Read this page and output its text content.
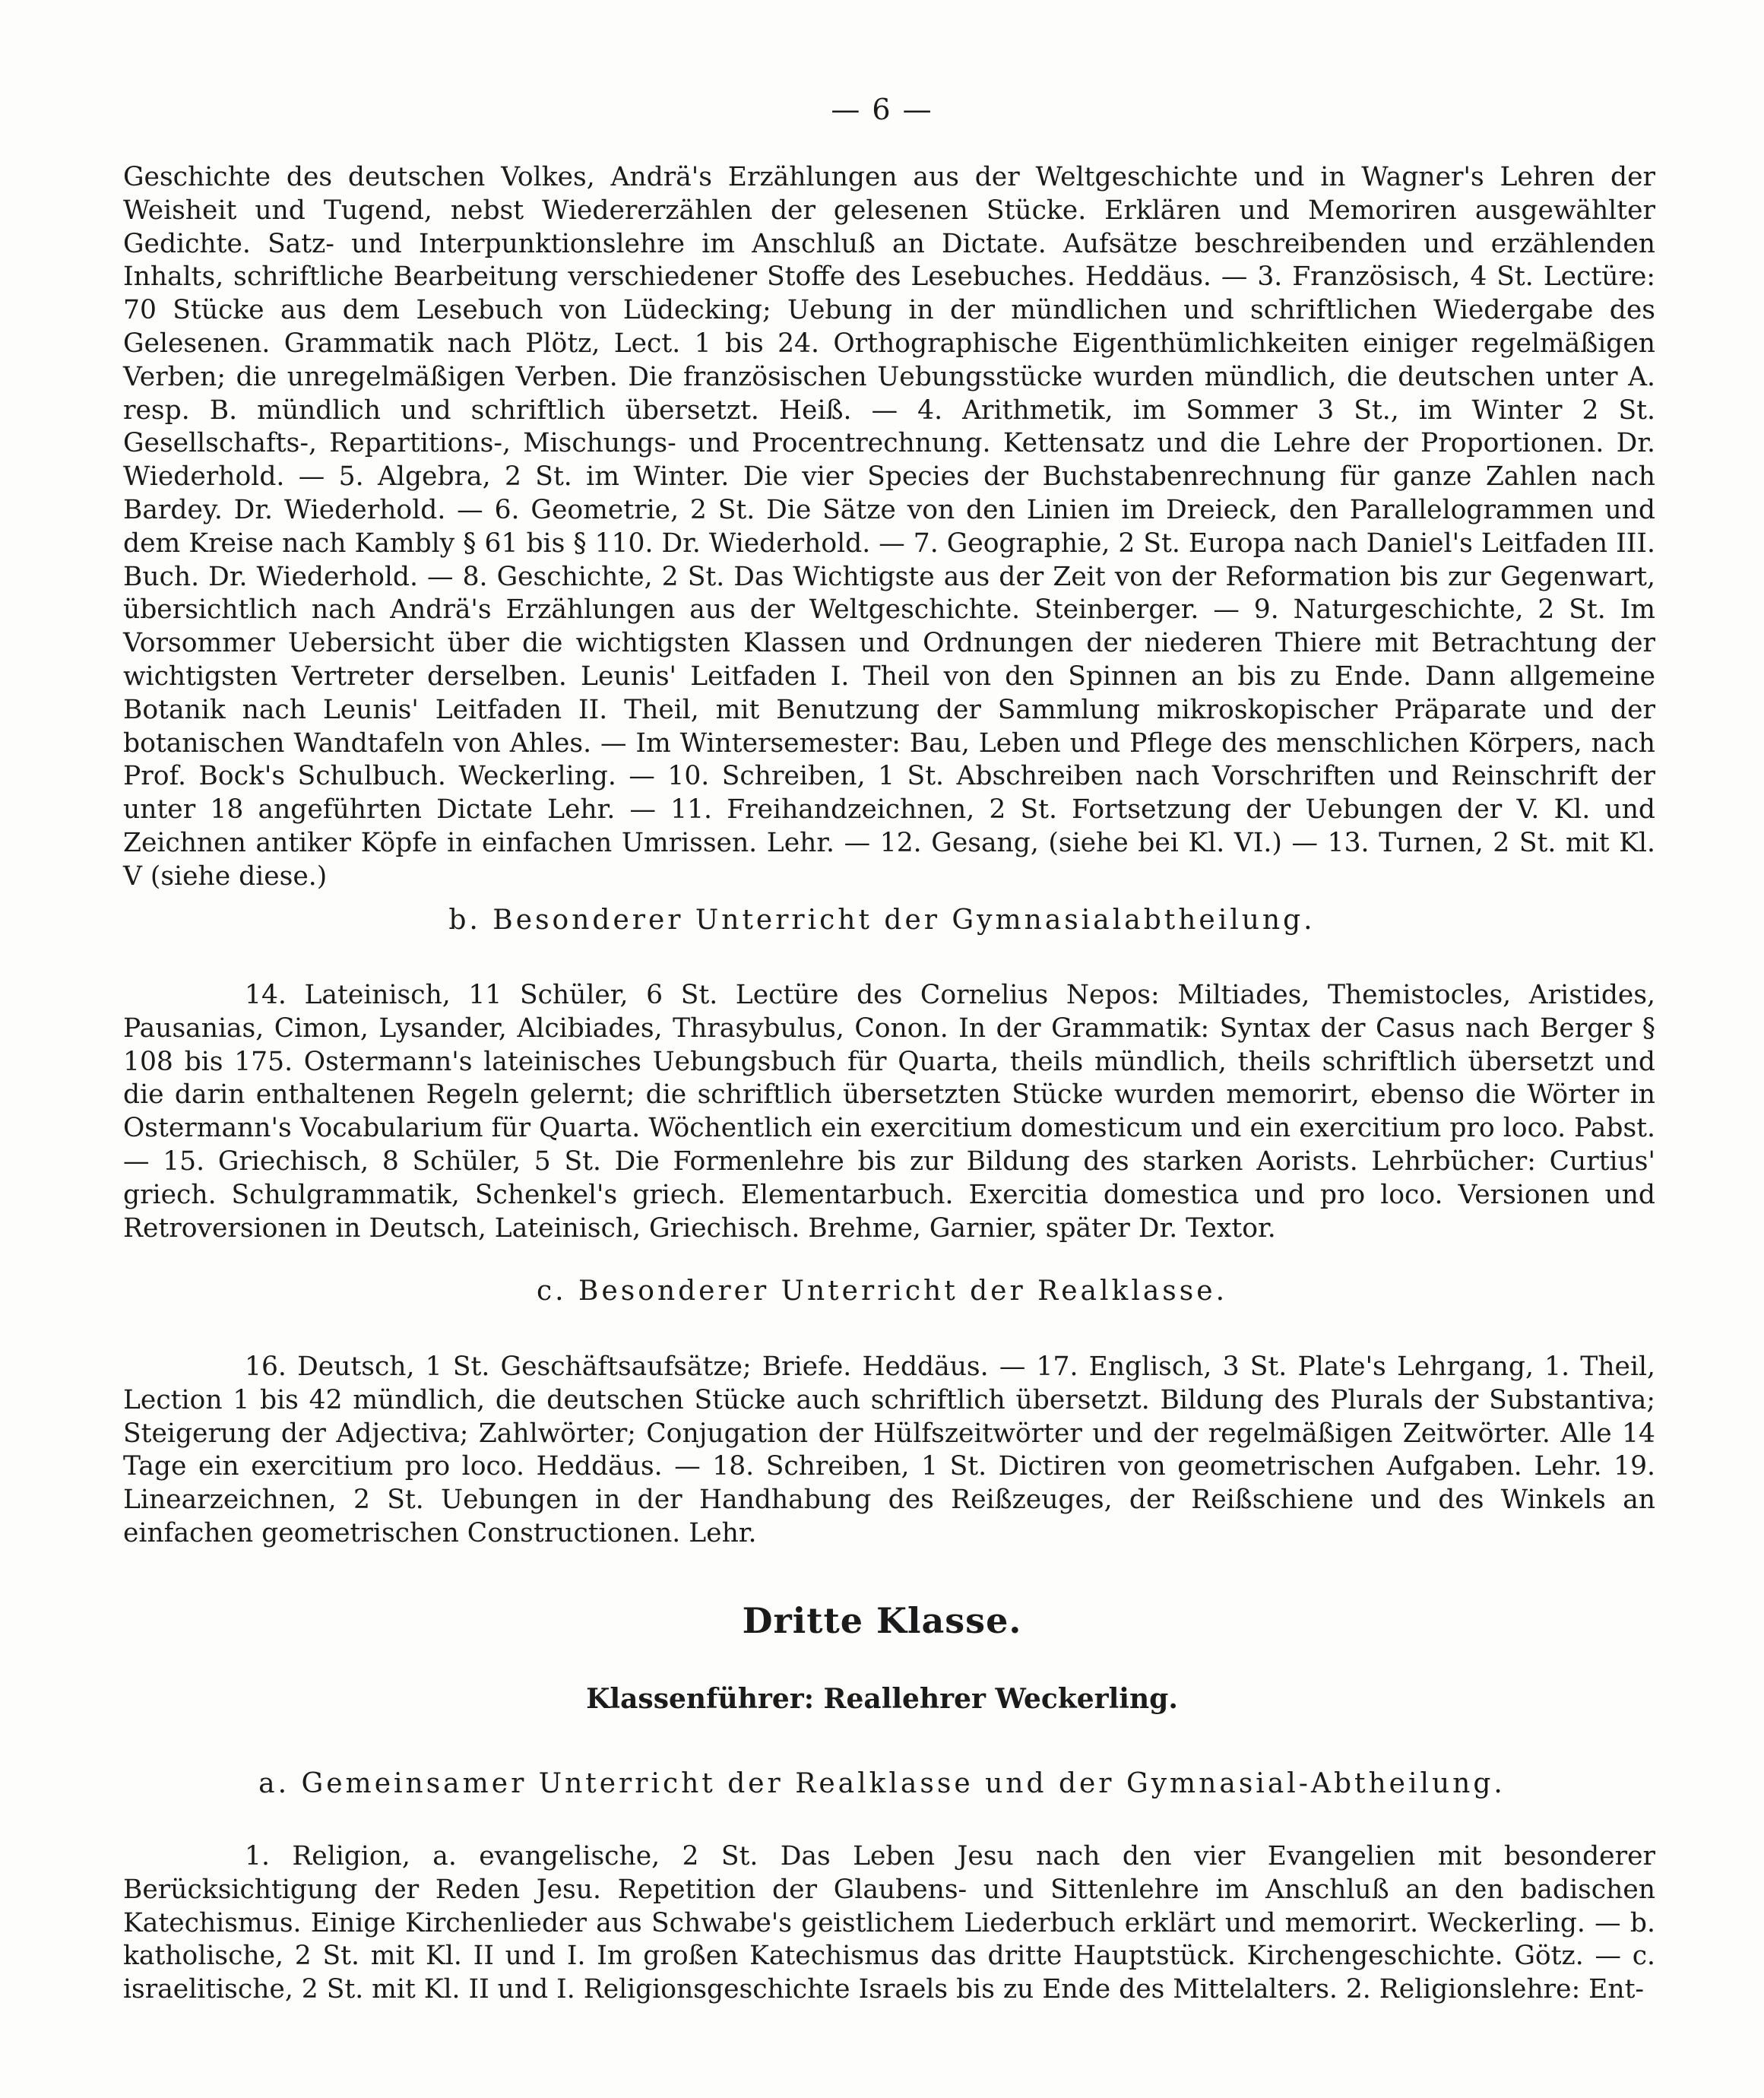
— 6 —

Geschichte des deutschen Volkes, Andrä's Erzählungen aus der Weltgeschichte und in Wagner's Lehren der Weisheit und Tugend, nebst Wiedererzählen der gelesenen Stücke. Erklären und Memoriren ausgewählter Gedichte. Satz- und Interpunktionslehre im Anschluß an Dictate. Aufsätze beschreibenden und erzählenden Inhalts, schriftliche Bearbeitung verschiedener Stoffe des Lesebuches. Heddäus. — 3. Französisch, 4 St. Lectüre: 70 Stücke aus dem Lesebuch von Lüdecking; Uebung in der mündlichen und schriftlichen Wiedergabe des Gelesenen. Grammatik nach Plötz, Lect. 1 bis 24. Orthographische Eigenthümlichkeiten einiger regelmäßigen Verben; die unregelmäßigen Verben. Die französischen Uebungsstücke wurden mündlich, die deutschen unter A. resp. B. mündlich und schriftlich übersetzt. Heiß. — 4. Arithmetik, im Sommer 3 St., im Winter 2 St. Gesellschafts-, Repartitions-, Mischungs- und Procentrechnung. Kettensatz und die Lehre der Proportionen. Dr. Wiederhold. — 5. Algebra, 2 St. im Winter. Die vier Species der Buchstabenrechnung für ganze Zahlen nach Bardey. Dr. Wiederhold. — 6. Geometrie, 2 St. Die Sätze von den Linien im Dreieck, den Parallelogrammen und dem Kreise nach Kambly § 61 bis § 110. Dr. Wiederhold. — 7. Geographie, 2 St. Europa nach Daniel's Leitfaden III. Buch. Dr. Wiederhold. — 8. Geschichte, 2 St. Das Wichtigste aus der Zeit von der Reformation bis zur Gegenwart, übersichtlich nach Andrä's Erzählungen aus der Weltgeschichte. Steinberger. — 9. Naturgeschichte, 2 St. Im Vorsommer Uebersicht über die wichtigsten Klassen und Ordnungen der niederen Thiere mit Betrachtung der wichtigsten Vertreter derselben. Leunis' Leitfaden I. Theil von den Spinnen an bis zu Ende. Dann allgemeine Botanik nach Leunis' Leitfaden II. Theil, mit Benutzung der Sammlung mikroskopischer Präparate und der botanischen Wandtafeln von Ahles. — Im Wintersemester: Bau, Leben und Pflege des menschlichen Körpers, nach Prof. Bock's Schulbuch. Weckerling. — 10. Schreiben, 1 St. Abschreiben nach Vorschriften und Reinschrift der unter 18 angeführten Dictate Lehr. — 11. Freihandzeichnen, 2 St. Fortsetzung der Uebungen der V. Kl. und Zeichnen antiker Köpfe in einfachen Umrissen. Lehr. — 12. Gesang, (siehe bei Kl. VI.) — 13. Turnen, 2 St. mit Kl. V (siehe diese.)

b. Besonderer Unterricht der Gymnasialabtheilung.

14. Lateinisch, 11 Schüler, 6 St. Lectüre des Cornelius Nepos: Miltiades, Themistocles, Aristides, Pausanias, Cimon, Lysander, Alcibiades, Thrasybulus, Conon. In der Grammatik: Syntax der Casus nach Berger § 108 bis 175. Ostermann's lateinisches Uebungsbuch für Quarta, theils mündlich, theils schriftlich übersetzt und die darin enthaltenen Regeln gelernt; die schriftlich übersetzten Stücke wurden memorirt, ebenso die Wörter in Ostermann's Vocabularium für Quarta. Wöchentlich ein exercitium domesticum und ein exercitium pro loco. Pabst. — 15. Griechisch, 8 Schüler, 5 St. Die Formenlehre bis zur Bildung des starken Aorists. Lehrbücher: Curtius' griech. Schulgrammatik, Schenkel's griech. Elementarbuch. Exercitia domestica und pro loco. Versionen und Retroversionen in Deutsch, Lateinisch, Griechisch. Brehme, Garnier, später Dr. Textor.

c. Besonderer Unterricht der Realklasse.

16. Deutsch, 1 St. Geschäftsaufsätze; Briefe. Heddäus. — 17. Englisch, 3 St. Plate's Lehrgang, 1. Theil, Lection 1 bis 42 mündlich, die deutschen Stücke auch schriftlich übersetzt. Bildung des Plurals der Substantiva; Steigerung der Adjectiva; Zahlwörter; Conjugation der Hülfszeitwörter und der regelmäßigen Zeitwörter. Alle 14 Tage ein exercitium pro loco. Heddäus. — 18. Schreiben, 1 St. Dictiren von geometrischen Aufgaben. Lehr. 19. Linearzeichnen, 2 St. Uebungen in der Handhabung des Reißzeuges, der Reißschiene und des Winkels an einfachen geometrischen Constructionen. Lehr.

Dritte Klasse.
Klassenführer: Reallehrer Weckerling.
a. Gemeinsamer Unterricht der Realklasse und der Gymnasial-Abtheilung.

1. Religion, a. evangelische, 2 St. Das Leben Jesu nach den vier Evangelien mit besonderer Berücksichtigung der Reden Jesu. Repetition der Glaubens- und Sittenlehre im Anschluß an den badischen Katechismus. Einige Kirchenlieder aus Schwabe's geistlichem Liederbuch erklärt und memorirt. Weckerling. — b. katholische, 2 St. mit Kl. II und I. Im großen Katechismus das dritte Hauptstück. Kirchengeschichte. Götz. — c. israelitische, 2 St. mit Kl. II und I. Religionsgeschichte Israels bis zu Ende des Mittelalters. 2. Religionslehre: Ent-
